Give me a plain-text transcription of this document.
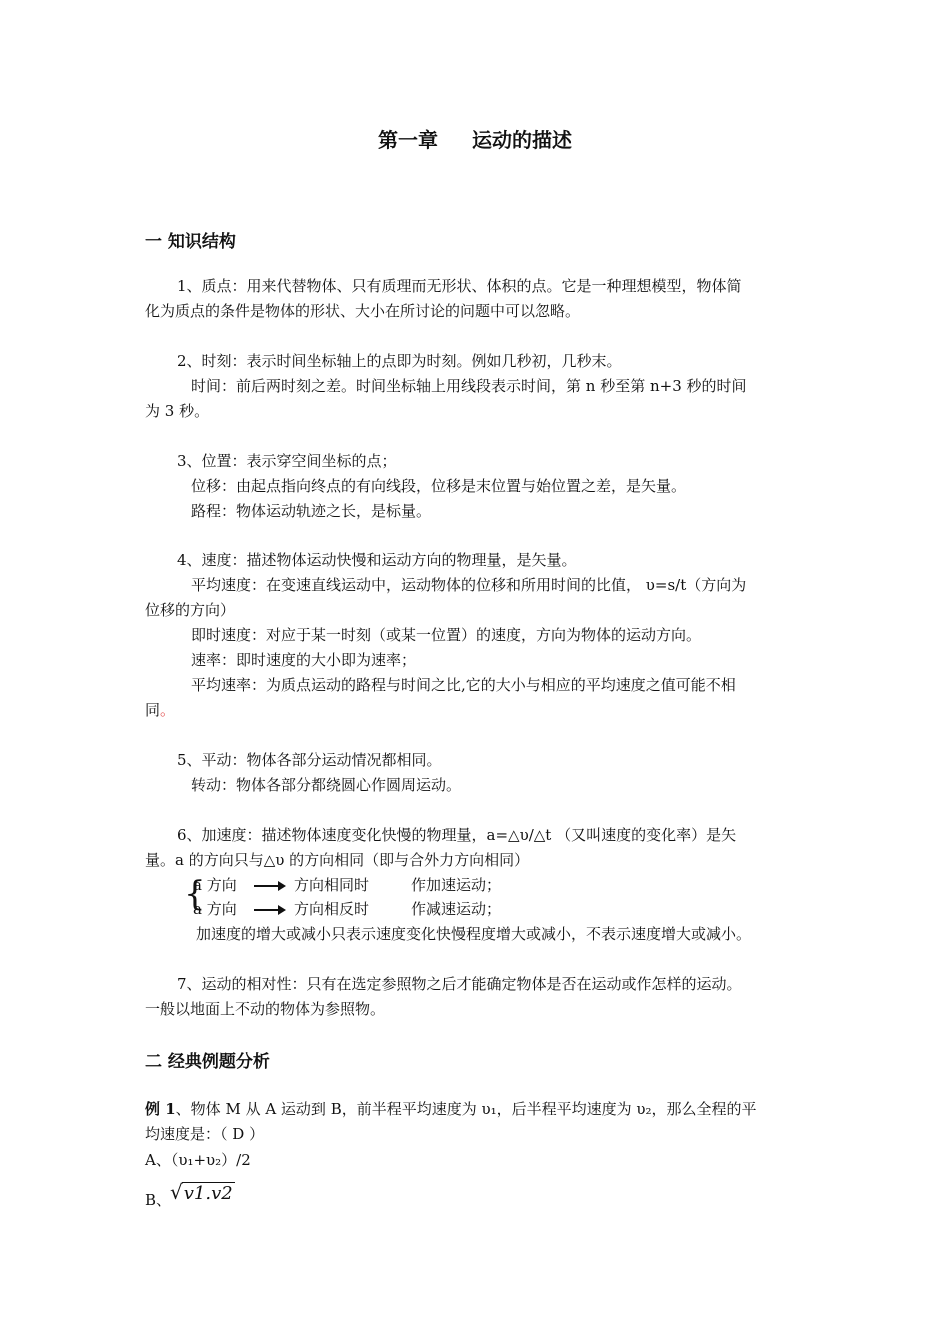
第一章 运动的描述
一 知识结构
1、质点：用来代替物体、只有质理而无形状、体积的点。它是一种理想模型，物体简
化为质点的条件是物体的形状、大小在所讨论的问题中可以忽略。
2、时刻：表示时间坐标轴上的点即为时刻。例如几秒初，几秒末。
时间：前后两时刻之差。时间坐标轴上用线段表示时间，第 n 秒至第 n+3 秒的时间
为 3 秒。
3、位置：表示穿空间坐标的点；
位移：由起点指向终点的有向线段，位移是末位置与始位置之差，是矢量。
路程：物体运动轨迹之长，是标量。
4、速度：描述物体运动快慢和运动方向的物理量，是矢量。
平均速度：在变速直线运动中，运动物体的位移和所用时间的比值， υ=s/t（方向为
位移的方向）
即时速度：对应于某一时刻（或某一位置）的速度，方向为物体的运动方向。
速率：即时速度的大小即为速率；
平均速率：为质点运动的路程与时间之比,它的大小与相应的平均速度之值可能不相
同。
5、平动：物体各部分运动情况都相同。
转动：物体各部分都绕圆心作圆周运动。
6、加速度：描述物体速度变化快慢的物理量，a=△υ/△t （又叫速度的变化率）是矢
量。a 的方向只与△υ 的方向相同（即与合外力方向相同）
{
a 方向	方向相同时	作加速运动；
a 方向	方向相反时	作减速运动；
加速度的增大或减小只表示速度变化快慢程度增大或减小，不表示速度增大或减小。
7、运动的相对性：只有在选定参照物之后才能确定物体是否在运动或作怎样的运动。
一般以地面上不动的物体为参照物。
二 经典例题分析
例 1、物体 M 从 A 运动到 B，前半程平均速度为 υ₁，后半程平均速度为 υ₂，那么全程的平
均速度是：（ D ）
A、（υ₁+υ₂）/2
B、
√v1.v2
